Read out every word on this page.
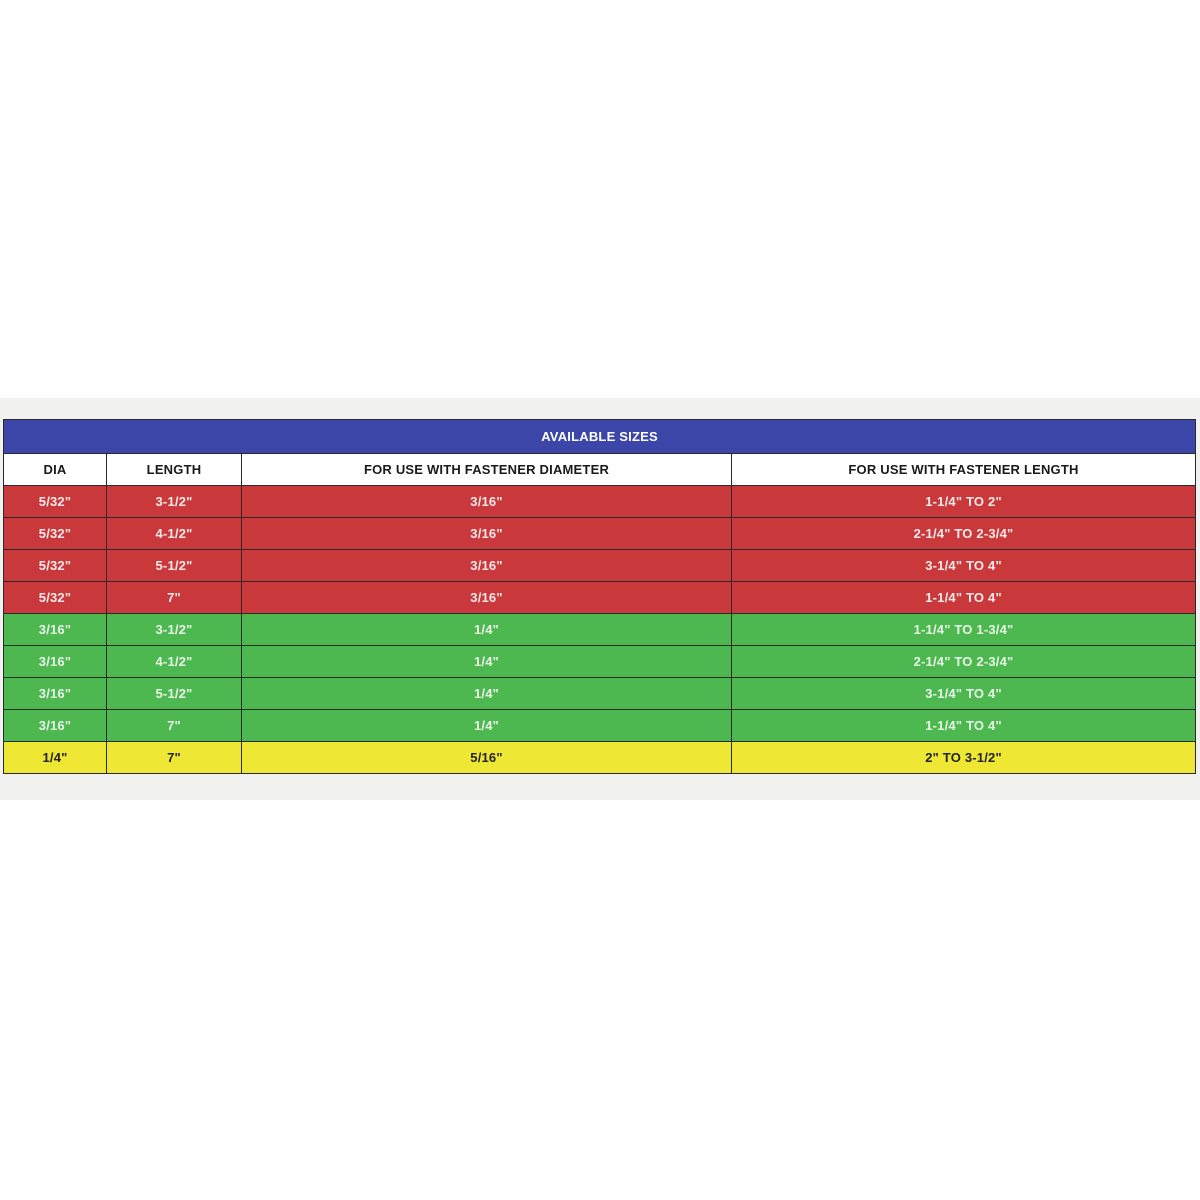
AVAILABLE SIZES			
DIA	LENGTH	FOR USE WITH FASTENER DIAMETER	FOR USE WITH FASTENER LENGTH
5/32"	3-1/2"	3/16"	1-1/4" TO 2"
5/32"	4-1/2"	3/16"	2-1/4" TO 2-3/4"
5/32"	5-1/2"	3/16"	3-1/4" TO 4"
5/32"	7"	3/16"	1-1/4" TO 4"
3/16"	3-1/2"	1/4"	1-1/4" TO 1-3/4"
3/16"	4-1/2"	1/4"	2-1/4" TO 2-3/4"
3/16"	5-1/2"	1/4"	3-1/4" TO 4"
3/16"	7"	1/4"	1-1/4" TO 4"
1/4"	7"	5/16"	2" TO 3-1/2"
